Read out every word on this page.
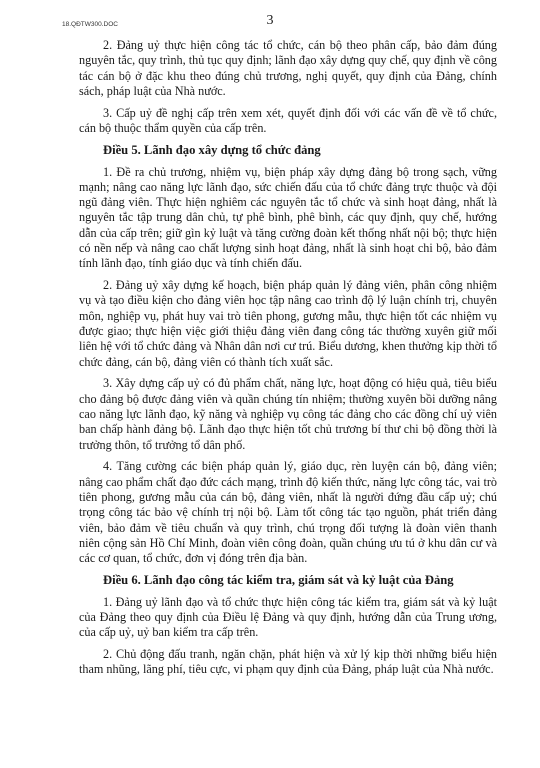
18.QĐTW300.DOC	3

2. Đảng uỷ thực hiện công tác tổ chức, cán bộ theo phân cấp, bảo đảm đúng nguyên tắc, quy trình, thủ tục quy định; lãnh đạo xây dựng quy chế, quy định về công tác cán bộ ở đặc khu theo đúng chủ trương, nghị quyết, quy định của Đảng, chính sách, pháp luật của Nhà nước.

3. Cấp uỷ đề nghị cấp trên xem xét, quyết định đối với các vấn đề về tổ chức, cán bộ thuộc thẩm quyền của cấp trên.

Điều 5. Lãnh đạo xây dựng tổ chức đảng

1. Đề ra chủ trương, nhiệm vụ, biện pháp xây dựng đảng bộ trong sạch, vững mạnh; nâng cao năng lực lãnh đạo, sức chiến đấu của tổ chức đảng trực thuộc và đội ngũ đảng viên. Thực hiện nghiêm các nguyên tắc tổ chức và sinh hoạt đảng, nhất là nguyên tắc tập trung dân chủ, tự phê bình, phê bình, các quy định, quy chế, hướng dẫn của cấp trên; giữ gìn kỷ luật và tăng cường đoàn kết thống nhất nội bộ; thực hiện có nền nếp và nâng cao chất lượng sinh hoạt đảng, nhất là sinh hoạt chi bộ, bảo đảm tính lãnh đạo, tính giáo dục và tính chiến đấu.

2. Đảng uỷ xây dựng kế hoạch, biện pháp quản lý đảng viên, phân công nhiệm vụ và tạo điều kiện cho đảng viên học tập nâng cao trình độ lý luận chính trị, chuyên môn, nghiệp vụ, phát huy vai trò tiên phong, gương mẫu, thực hiện tốt các nhiệm vụ được giao; thực hiện việc giới thiệu đảng viên đang công tác thường xuyên giữ mối liên hệ với tổ chức đảng và Nhân dân nơi cư trú. Biểu dương, khen thưởng kịp thời tổ chức đảng, cán bộ, đảng viên có thành tích xuất sắc.

3. Xây dựng cấp uỷ có đủ phẩm chất, năng lực, hoạt động có hiệu quả, tiêu biểu cho đảng bộ được đảng viên và quần chúng tín nhiệm; thường xuyên bồi dưỡng nâng cao năng lực lãnh đạo, kỹ năng và nghiệp vụ công tác đảng cho các đồng chí uỷ viên ban chấp hành đảng bộ. Lãnh đạo thực hiện tốt chủ trương bí thư chi bộ đồng thời là trưởng thôn, tổ trưởng tổ dân phố.

4. Tăng cường các biện pháp quản lý, giáo dục, rèn luyện cán bộ, đảng viên; nâng cao phẩm chất đạo đức cách mạng, trình độ kiến thức, năng lực công tác, vai trò tiên phong, gương mẫu của cán bộ, đảng viên, nhất là người đứng đầu cấp uỷ; chú trọng công tác bảo vệ chính trị nội bộ. Làm tốt công tác tạo nguồn, phát triển đảng viên, bảo đảm về tiêu chuẩn và quy trình, chú trọng đối tượng là đoàn viên thanh niên cộng sản Hồ Chí Minh, đoàn viên công đoàn, quần chúng ưu tú ở khu dân cư và các cơ quan, tổ chức, đơn vị đóng trên địa bàn.

Điều 6. Lãnh đạo công tác kiểm tra, giám sát và kỷ luật của Đảng

1. Đảng uỷ lãnh đạo và tổ chức thực hiện công tác kiểm tra, giám sát và kỷ luật của Đảng theo quy định của Điều lệ Đảng và quy định, hướng dẫn của Trung ương, của cấp uỷ, uỷ ban kiểm tra cấp trên.

2. Chủ động đấu tranh, ngăn chặn, phát hiện và xử lý kịp thời những biểu hiện tham nhũng, lãng phí, tiêu cực, vi phạm quy định của Đảng, pháp luật của Nhà nước.
